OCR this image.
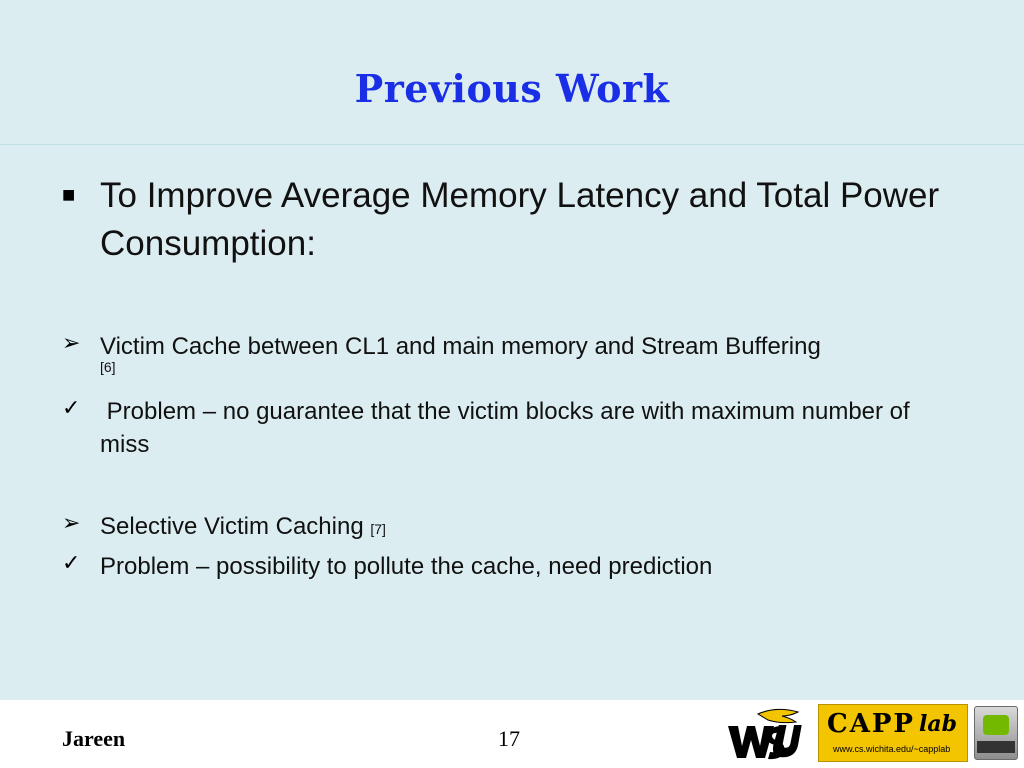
Previous Work
■ To Improve Average Memory Latency and Total Power Consumption:
➢ Victim Cache between CL1 and main memory and Stream Buffering
[6]
✓ Problem – no guarantee that the victim blocks are with maximum number of miss
➢ Selective Victim Caching [7]
✓ Problem – possibility to pollute the cache, need prediction
Jareen	17	CAPP lab
www.cs.wichita.edu/~capplab
